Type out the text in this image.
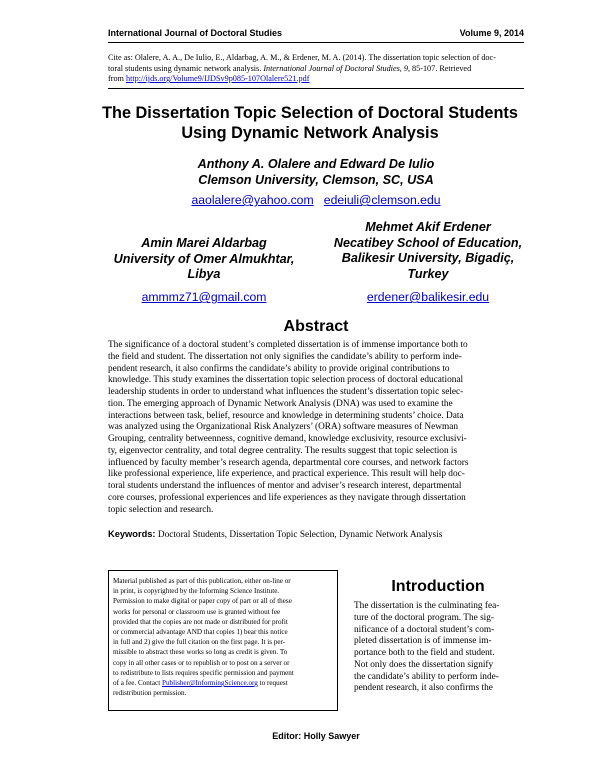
International Journal of Doctoral Studies	Volume 9, 2014
Cite as: Olalere, A. A., De Iulio, E., Aldarbag, A. M., & Erdener, M. A. (2014). The dissertation topic selection of doc-
toral students using dynamic network analysis. International Journal of Doctoral Studies, 9, 85-107. Retrieved
from http://ijds.org/Volume9/IJDSv9p085-107Olalere521.pdf
The Dissertation Topic Selection of Doctoral Students
Using Dynamic Network Analysis
Anthony A. Olalere and Edward De Iulio
Clemson University, Clemson, SC, USA
aaolalere@yahoo.com edeiuli@clemson.edu
Mehmet Akif Erdener
Necatibey School of Education,
Balikesir University, Bigadiç,
Turkey
erdener@balikesir.edu
Amin Marei Aldarbag
University of Omer Almukhtar,
Libya
ammmz71@gmail.com
Abstract
The significance of a doctoral student’s completed dissertation is of immense importance both to
the field and student. The dissertation not only signifies the candidate’s ability to perform inde-
pendent research, it also confirms the candidate’s ability to provide original contributions to
knowledge. This study examines the dissertation topic selection process of doctoral educational
leadership students in order to understand what influences the student’s dissertation topic selec-
tion. The emerging approach of Dynamic Network Analysis (DNA) was used to examine the
interactions between task, belief, resource and knowledge in determining students’ choice. Data
was analyzed using the Organizational Risk Analyzers’ (ORA) software measures of Newman
Grouping, centrality betweenness, cognitive demand, knowledge exclusivity, resource exclusivi-
ty, eigenvector centrality, and total degree centrality. The results suggest that topic selection is
influenced by faculty member’s research agenda, departmental core courses, and network factors
like professional experience, life experience, and practical experience. This result will help doc-
toral students understand the influences of mentor and adviser’s research interest, departmental
core courses, professional experiences and life experiences as they navigate through dissertation
topic selection and research.
Keywords: Doctoral Students, Dissertation Topic Selection, Dynamic Network Analysis
Material published as part of this publication, either on-line or
in print, is copyrighted by the Informing Science Institute.
Permission to make digital or paper copy of part or all of these
works for personal or classroom use is granted without fee
provided that the copies are not made or distributed for profit
or commercial advantage AND that copies 1) bear this notice
in full and 2) give the full citation on the first page. It is per-
missible to abstract these works so long as credit is given. To
copy in all other cases or to republish or to post on a server or
to redistribute to lists requires specific permission and payment
of a fee. Contact Publisher@InformingScience.org to request
redistribution permission.
Introduction
The dissertation is the culminating fea-
ture of the doctoral program. The sig-
nificance of a doctoral student’s com-
pleted dissertation is of immense im-
portance both to the field and student.
Not only does the dissertation signify
the candidate’s ability to perform inde-
pendent research, it also confirms the
Editor: Holly Sawyer
